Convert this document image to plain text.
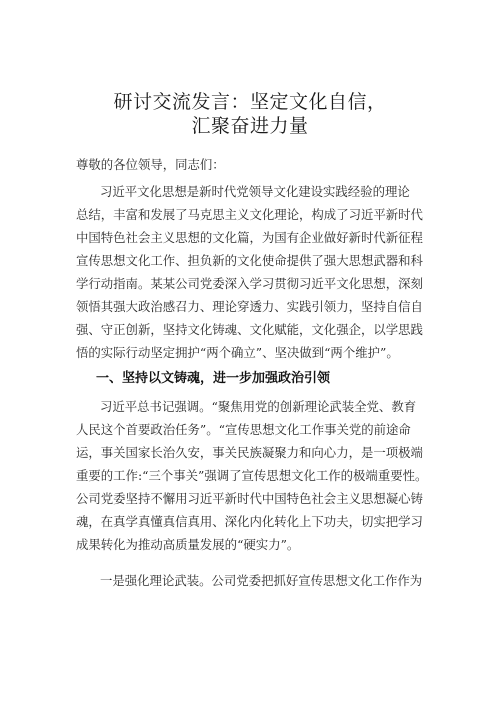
研讨交流发言：坚定文化自信，
汇聚奋进力量
尊敬的各位领导，同志们：
习近平文化思想是新时代党领导文化建设实践经验的理论
总结，丰富和发展了马克思主义文化理论，构成了习近平新时代
中国特色社会主义思想的文化篇，为国有企业做好新时代新征程
宣传思想文化工作、担负新的文化使命提供了强大思想武器和科
学行动指南。某某公司党委深入学习贯彻习近平文化思想，深刻
领悟其强大政治感召力、理论穿透力、实践引领力，坚持自信自
强、守正创新，坚持文化铸魂、文化赋能，文化强企，以学思践
悟的实际行动坚定拥护“两个确立”、坚决做到“两个维护”。
一、坚持以文铸魂，进一步加强政治引领
习近平总书记强调。“聚焦用党的创新理论武装全党、教育
人民这个首要政治任务”。“宣传思想文化工作事关党的前途命
运，事关国家长治久安，事关民族凝聚力和向心力，是一项极端
重要的工作:“三个事关”强调了宣传思想文化工作的极端重要性。
公司党委坚持不懈用习近平新时代中国特色社会主义思想凝心铸
魂，在真学真懂真信真用、深化内化转化上下功夫，切实把学习
成果转化为推动高质量发展的“硬实力”。
一是强化理论武装。公司党委把抓好宣传思想文化工作作为
